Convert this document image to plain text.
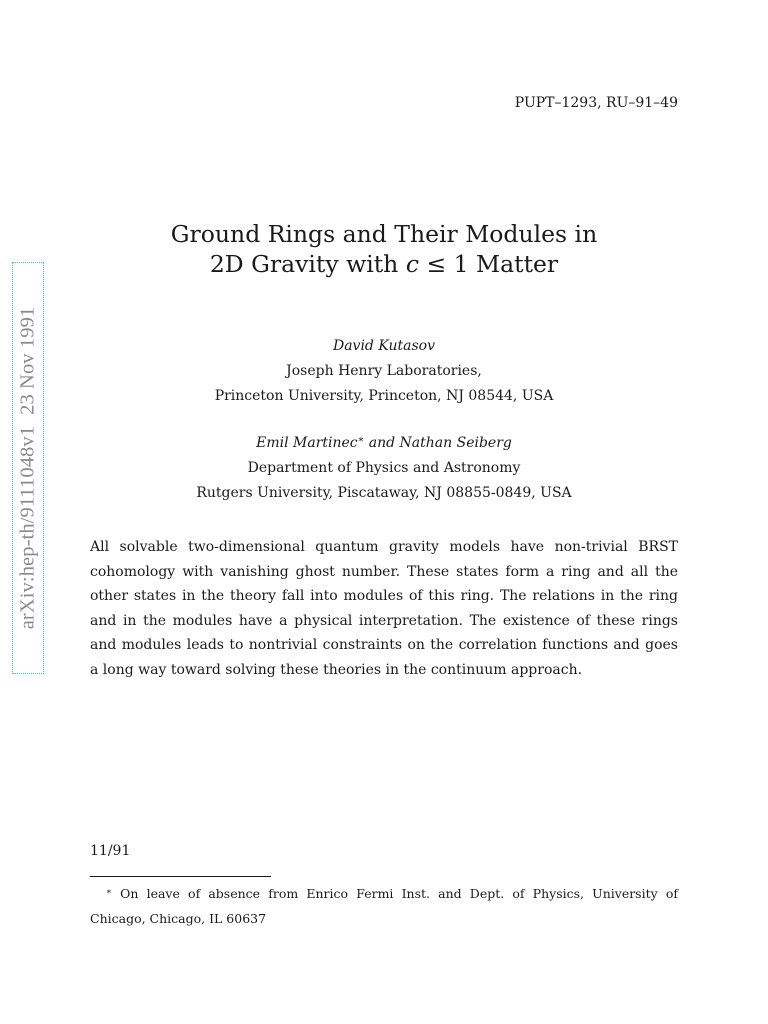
PUPT–1293, RU–91–49
arXiv:hep-th/9111048v123 Nov 1991
Ground Rings and Their Modules in
2D Gravity with c ≤ 1 Matter
David Kutasov
Joseph Henry Laboratories,
Princeton University, Princeton, NJ 08544, USA
Emil Martinec∗ and Nathan Seiberg
Department of Physics and Astronomy
Rutgers University, Piscataway, NJ 08855-0849, USA

All solvable two-dimensional quantum gravity models have non-trivial BRST cohomology with vanishing ghost number. These states form a ring and all the other states in the theory fall into modules of this ring. The relations in the ring and in the modules have a physical interpretation. The existence of these rings and modules leads to nontrivial constraints on the correlation functions and goes a long way toward solving these theories in the continuum approach.

11/91

∗ On leave of absence from Enrico Fermi Inst. and Dept. of Physics, University of Chicago, Chicago, IL 60637
